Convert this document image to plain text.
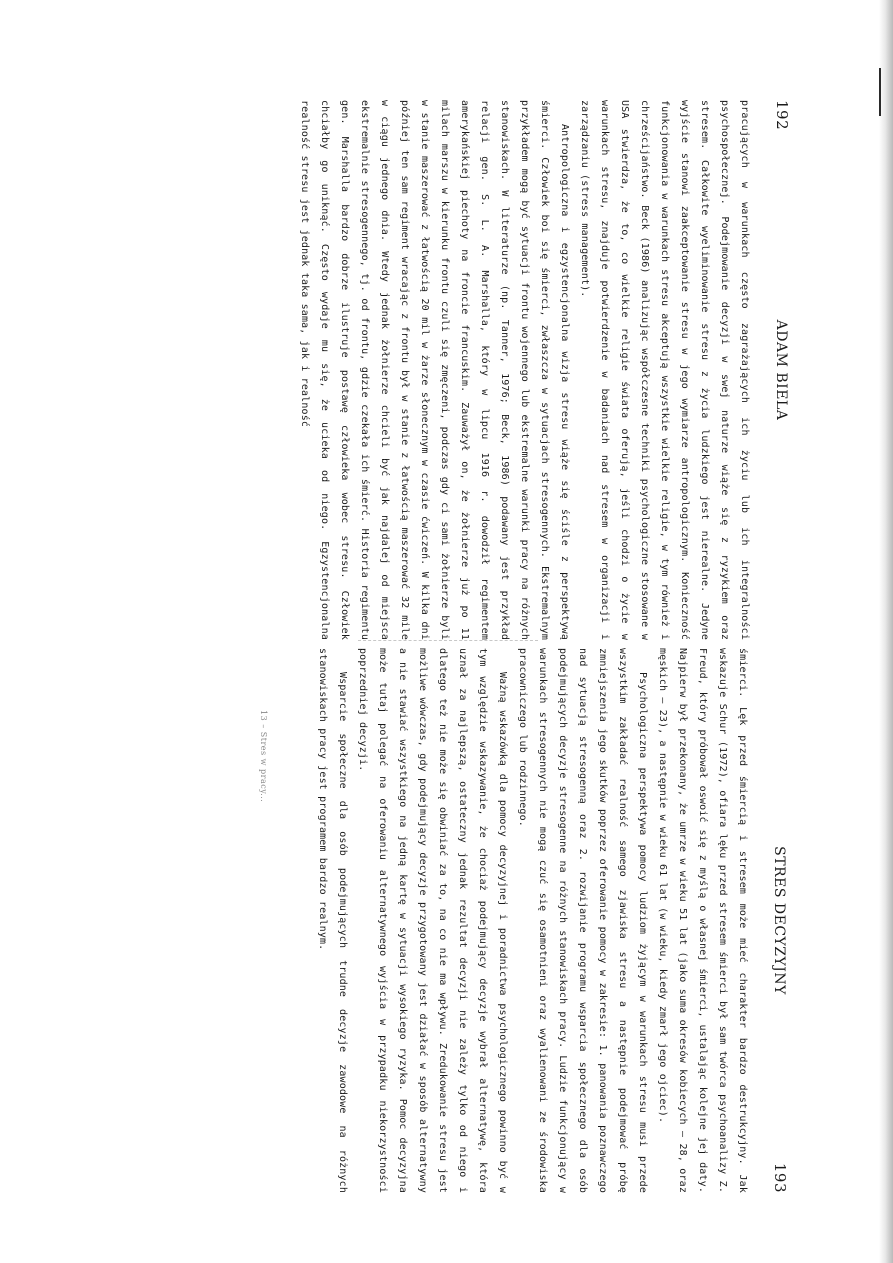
192
ADAM BIELA

pracujących w warunkach często zagrażających ich życiu lub ich integralności psychospołecznej. Podejmowanie decyzji w swej naturze wiąże się z ryzykiem oraz stresem. Całkowite wyeliminowanie stresu z życia ludzkiego jest nierealne. Jedyne wyjście stanowi zaakceptowanie stresu w jego wymiarze antropologicznym. Konieczność funkcjonowania w warunkach stresu akceptują wszystkie wielkie religie, w tym również i chrześcijaństwo. Beck (1986) analizując współczesne techniki psychologiczne stosowane w USA stwierdza, że to, co wielkie religie świata oferują, jeśli chodzi o życie w warunkach stresu, znajduje potwierdzenie w badaniach nad stresem w organizacji i zarządzaniu (stress management).

Antropologiczna i egzystencjonalna wizja stresu wiąże się ściśle z perspektywą śmierci. Człowiek boi się śmierci, zwłaszcza w sytuacjach stresogennych. Ekstremalnym przykładem mogą być sytuacji frontu wojennego lub ekstremalne warunki pracy na różnych stanowiskach. W literaturze (np. Tanner, 1976; Beck, 1986) podawany jest przykład relacji gen. S. L. A. Marshalla, który w lipcu 1916 r. dowodził regimentem amerykańskiej piechoty na froncie francuskim. Zauważył on, że żołnierze już po 11 milach marszu w kierunku frontu czuli się zmęczeni, podczas gdy ci sami żołnierze byli w stanie maszerować z łatwością 20 mil w żarze słonecznym w czasie ćwiczeń. W kilka dni później ten sam regiment wracając z frontu był w stanie z łatwością maszerować 32 mile w ciągu jednego dnia. Wtedy jednak żołnierze chcieli być jak najdalej od miejsca ekstremalnie stresogennego, tj. od frontu, gdzie czekała ich śmierć. Historia regimentu gen. Marshalla bardzo dobrze ilustruje postawę człowieka wobec stresu. Człowiek chciałby go uniknąć. Często wydaje mu się, że ucieka od niego. Egzystencjonalna realność stresu jest jednak taka sama, jak i realność

STRES DECYZYJNY
193

śmierci. Lęk przed śmiercią i stresem może mieć charakter bardzo destrukcyjny. Jak wskazuje Schur (1972), ofiara lęku przed stresem śmierci był sam twórca psychoanalizy Z. Freud, który próbował oswoić się z myślą o własnej śmierci, ustalając kolejne jej daty. Najpierw był przekonany, że umrze w wieku 51 lat (jako suma okresów kobiecych – 28, oraz męskich – 23), a następnie w wieku 61 lat (w wieku, kiedy zmarł jego ojciec).

Psychologiczna perspektywa pomocy ludziom żyjącym w warunkach stresu musi przede wszystkim zakładać realność samego zjawiska stresu a następnie podejmować próbę zmniejszenia jego skutków poprzez oferowanie pomocy w zakresie: 1. panowania poznawczego nad sytuacją stresogenną oraz 2. rozwijanie programu wsparcia społecznego dla osób podejmujących decyzje stresogenne na różnych stanowiskach pracy. Ludzie funkcjonujący w warunkach stresogennych nie mogą czuć się osamotnieni oraz wyalienowani ze środowiska pracowniczego lub rodzinnego.

Ważną wskazówką dla pomocy decyzyjnej i poradnictwa psychologicznego powinno być w tym względzie wskazywanie, że chociaż podejmujący decyzje wybrał alternatywę, która uznał za najlepszą, ostateczny jednak rezultat decyzji nie zależy tylko od niego i dlatego też nie może się obwiniać za to, na co nie ma wpływu. Zredukowanie stresu jest możliwe wówczas, gdy podejmujący decyzje przygotowany jest działać w sposób alternatywny a nie stawiać wszystkiego na jedną kartę w sytuacji wysokiego ryzyka. Pomoc decyzyjna może tutaj polegać na oferowaniu alternatywnego wyjścia w przypadku niekorzystności poprzedniej decyzji.

Wsparcie społeczne dla osób podejmujących trudne decyzje zawodowe na różnych stanowiskach pracy jest programem bardzo realnym.

13 – Stres w pracy...
